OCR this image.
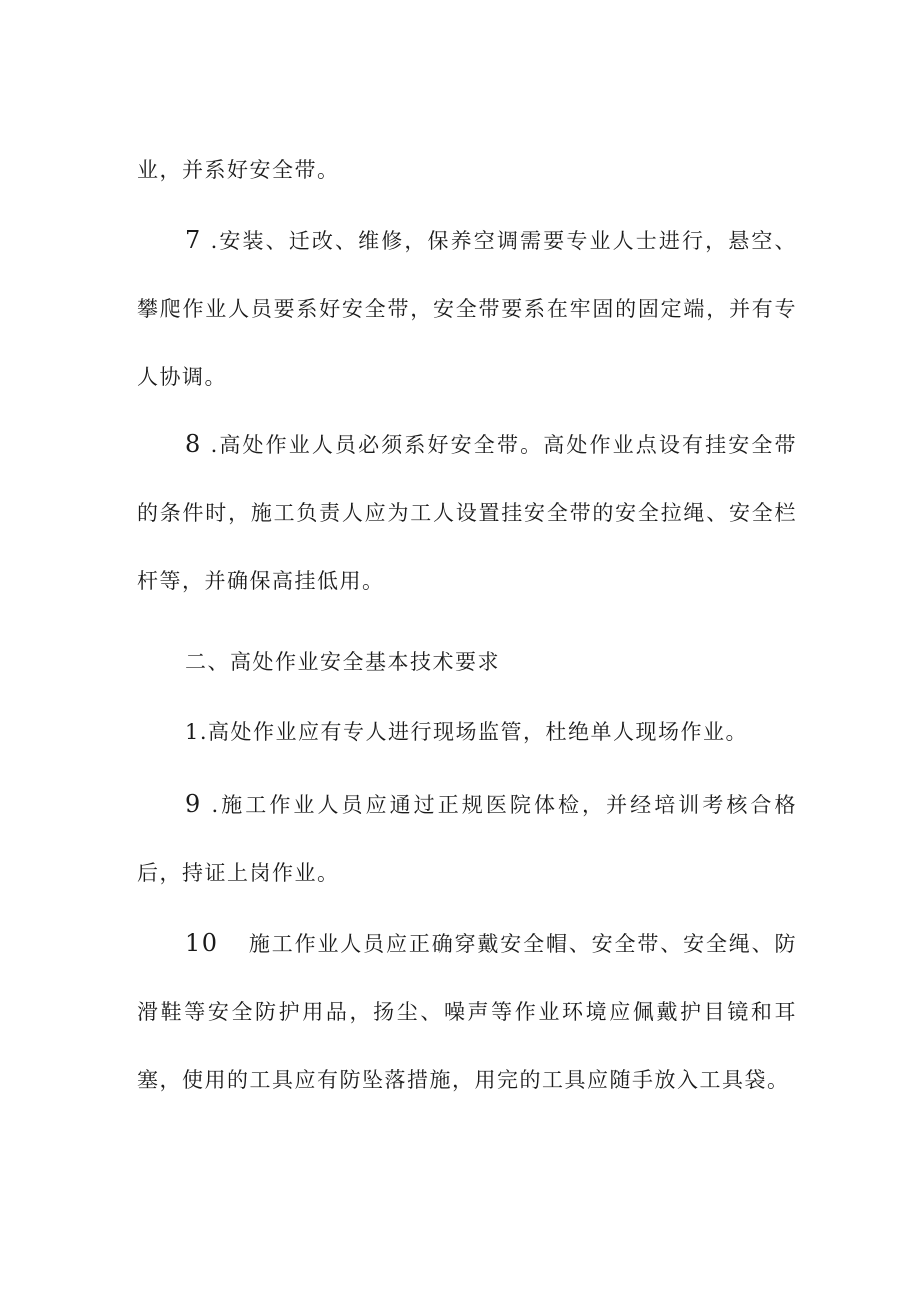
业，并系好安全带。

7 .安装、迁改、维修，保养空调需要专业人士进行，悬空、攀爬作业人员要系好安全带，安全带要系在牢固的固定端，并有专人协调。

8 .高处作业人员必须系好安全带。高处作业点设有挂安全带的条件时，施工负责人应为工人设置挂安全带的安全拉绳、安全栏杆等，并确保高挂低用。

二、高处作业安全基本技术要求

1.高处作业应有专人进行现场监管，杜绝单人现场作业。

9 .施工作业人员应通过正规医院体检，并经培训考核合格后，持证上岗作业。

10 施工作业人员应正确穿戴安全帽、安全带、安全绳、防滑鞋等安全防护用品，扬尘、噪声等作业环境应佩戴护目镜和耳塞，使用的工具应有防坠落措施，用完的工具应随手放入工具袋。
